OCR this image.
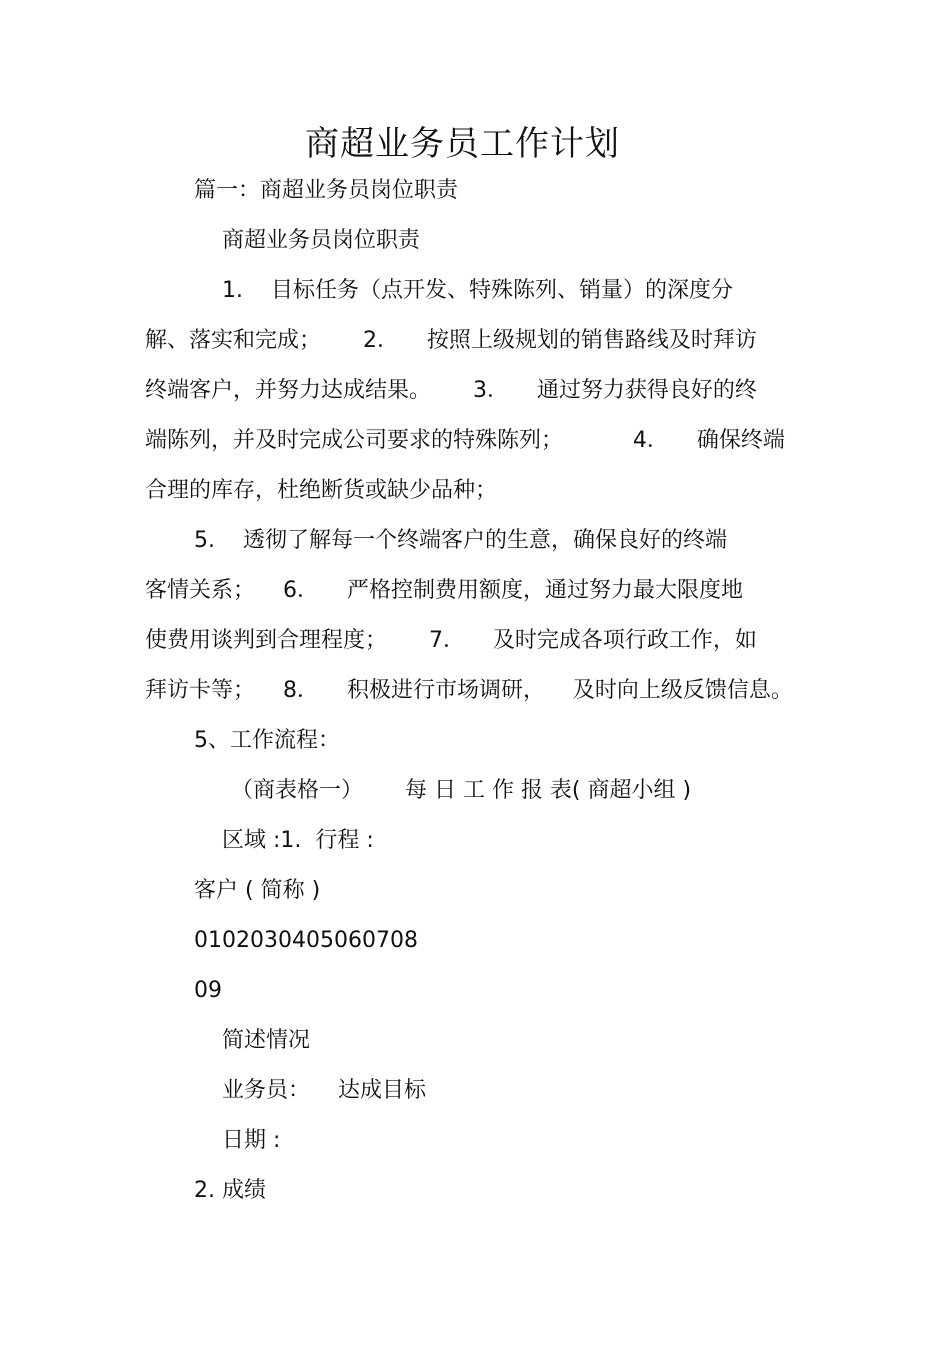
商超业务员工作计划
篇一：商超业务员岗位职责
商超业务员岗位职责
1.    目标任务（点开发、特殊陈列、销量）的深度分
解、落实和完成；      2．    按照上级规划的销售路线及时拜访
终端客户，并努力达成结果。      3．    通过努力获得良好的终
端陈列，并及时完成公司要求的特殊陈列；          4．    确保终端
合理的库存，杜绝断货或缺少品种；
5.    透彻了解每一个终端客户的生意，确保良好的终端
客情关系；    6．    严格控制费用额度，通过努力最大限度地
使费用谈判到合理程度；      7．    及时完成各项行政工作，如
拜访卡等；    8．    积极进行市场调研，    及时向上级反馈信息。
5、工作流程：
（商表格一）      每 日 工 作 报 表( 商超小组 )
区域 :1.  行程 :
客户 ( 简称 )
0102030405060708
09
简述情况
业务员：    达成目标
日期 :
2. 成绩
